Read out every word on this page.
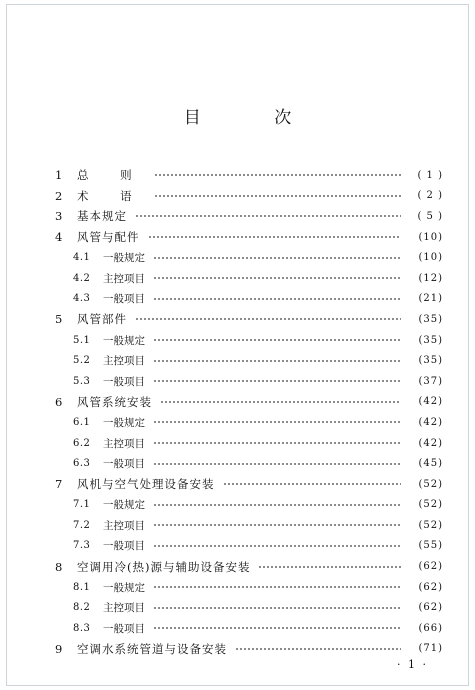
目 次
1	总 则	( 1 )
2	术 语	( 2 )
3	基本规定	( 5 )
4	风管与配件	(10)
4.1	一般规定	(10)
4.2	主控项目	(12)
4.3	一般项目	(21)
5	风管部件	(35)
5.1	一般规定	(35)
5.2	主控项目	(35)
5.3	一般项目	(37)
6	风管系统安装	(42)
6.1	一般规定	(42)
6.2	主控项目	(42)
6.3	一般项目	(45)
7	风机与空气处理设备安装	(52)
7.1	一般规定	(52)
7.2	主控项目	(52)
7.3	一般项目	(55)
8	空调用冷(热)源与辅助设备安装	(62)
8.1	一般规定	(62)
8.2	主控项目	(62)
8.3	一般项目	(66)
9	空调水系统管道与设备安装	(71)
· 1 ·
